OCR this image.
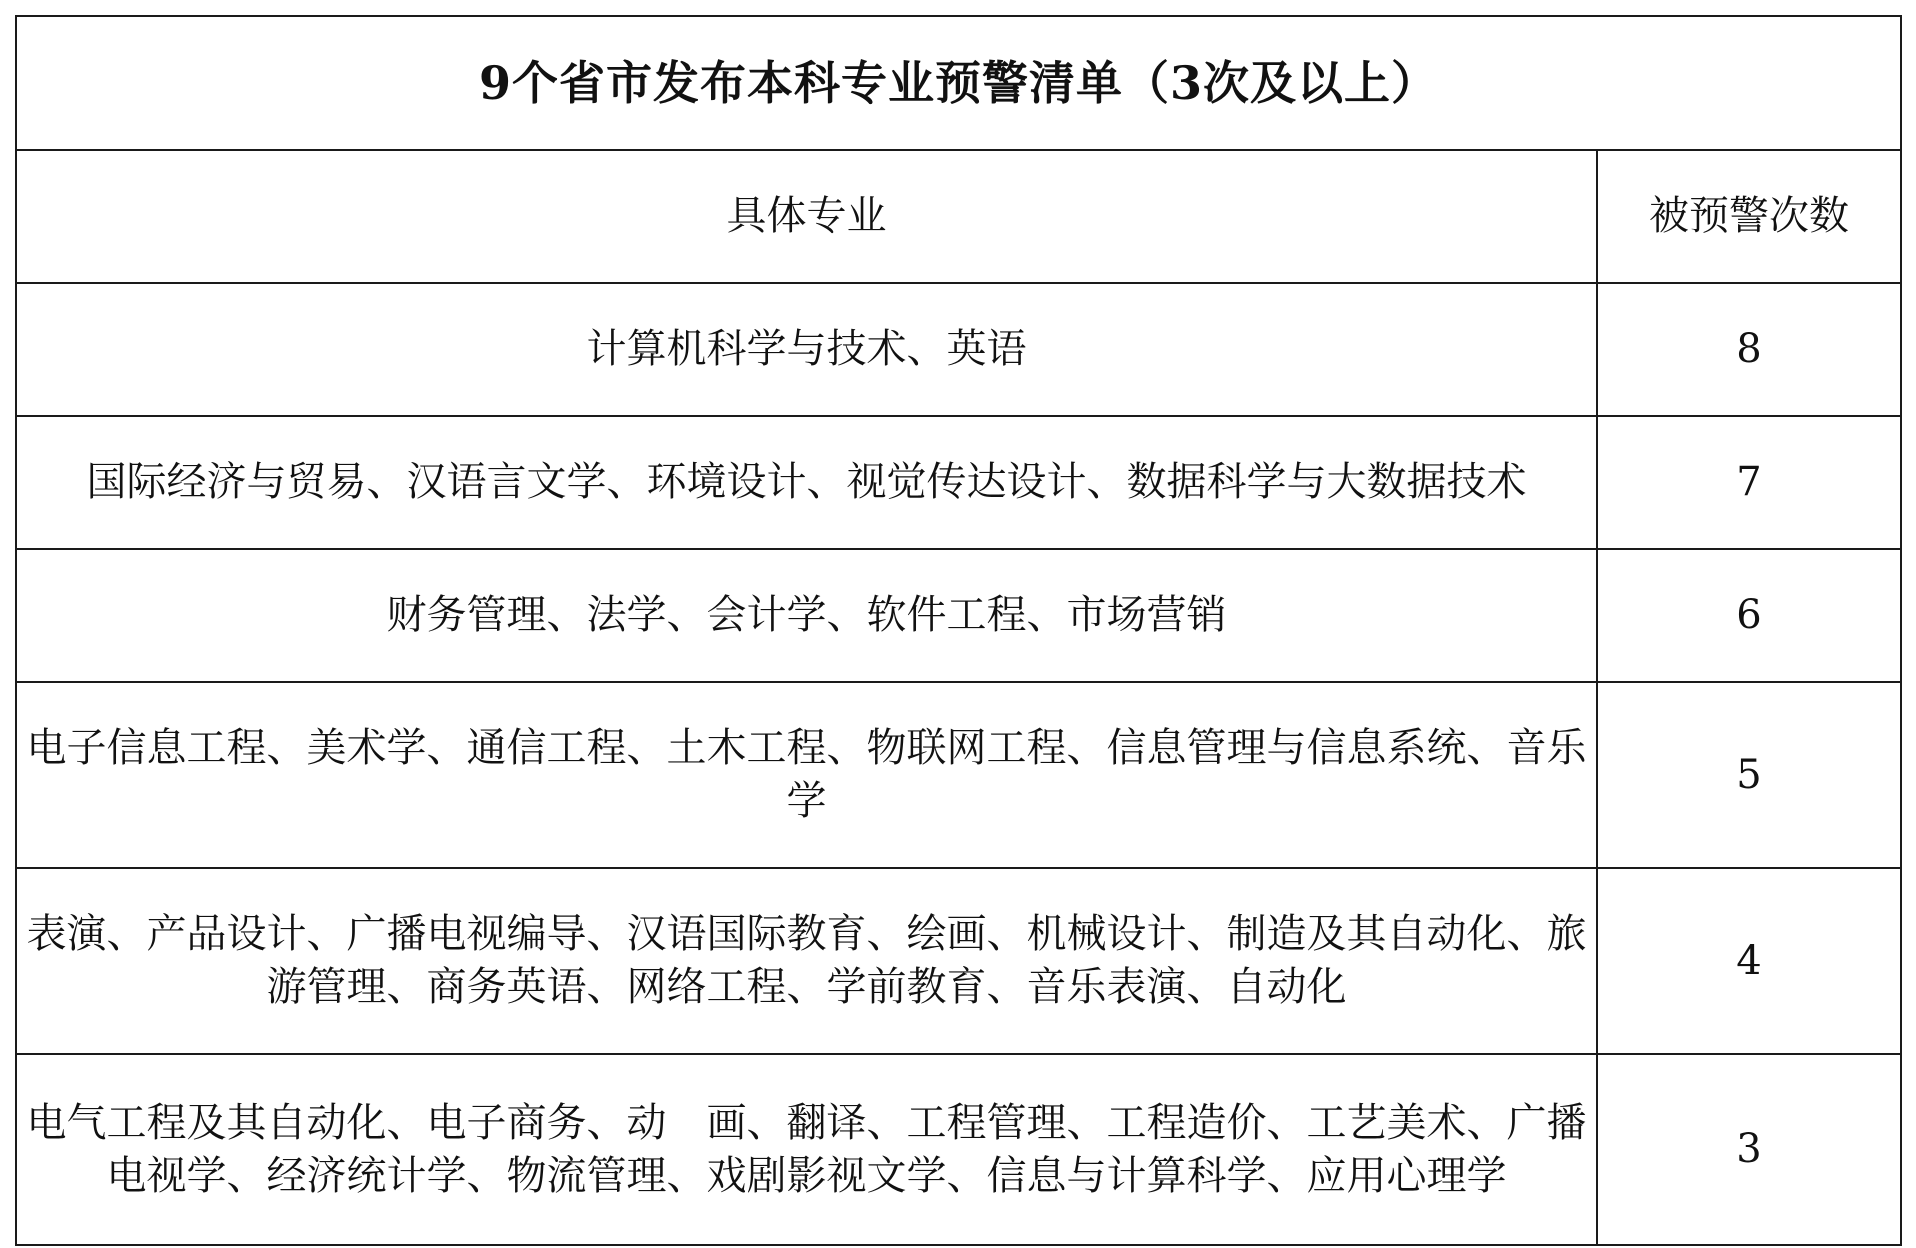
9个省市发布本科专业预警清单（3次及以上）	
具体专业	被预警次数
计算机科学与技术、英语	8
国际经济与贸易、汉语言文学、环境设计、视觉传达设计、数据科学与大数据技术	7
财务管理、法学、会计学、软件工程、市场营销	6
电子信息工程、美术学、通信工程、土木工程、物联网工程、信息管理与信息系统、音乐学	5
表演、产品设计、广播电视编导、汉语国际教育、绘画、机械设计、制造及其自动化、旅游管理、商务英语、网络工程、学前教育、音乐表演、自动化	4
电气工程及其自动化、电子商务、动　画、翻译、工程管理、工程造价、工艺美术、广播电视学、经济统计学、物流管理、戏剧影视文学、信息与计算科学、应用心理学	3
